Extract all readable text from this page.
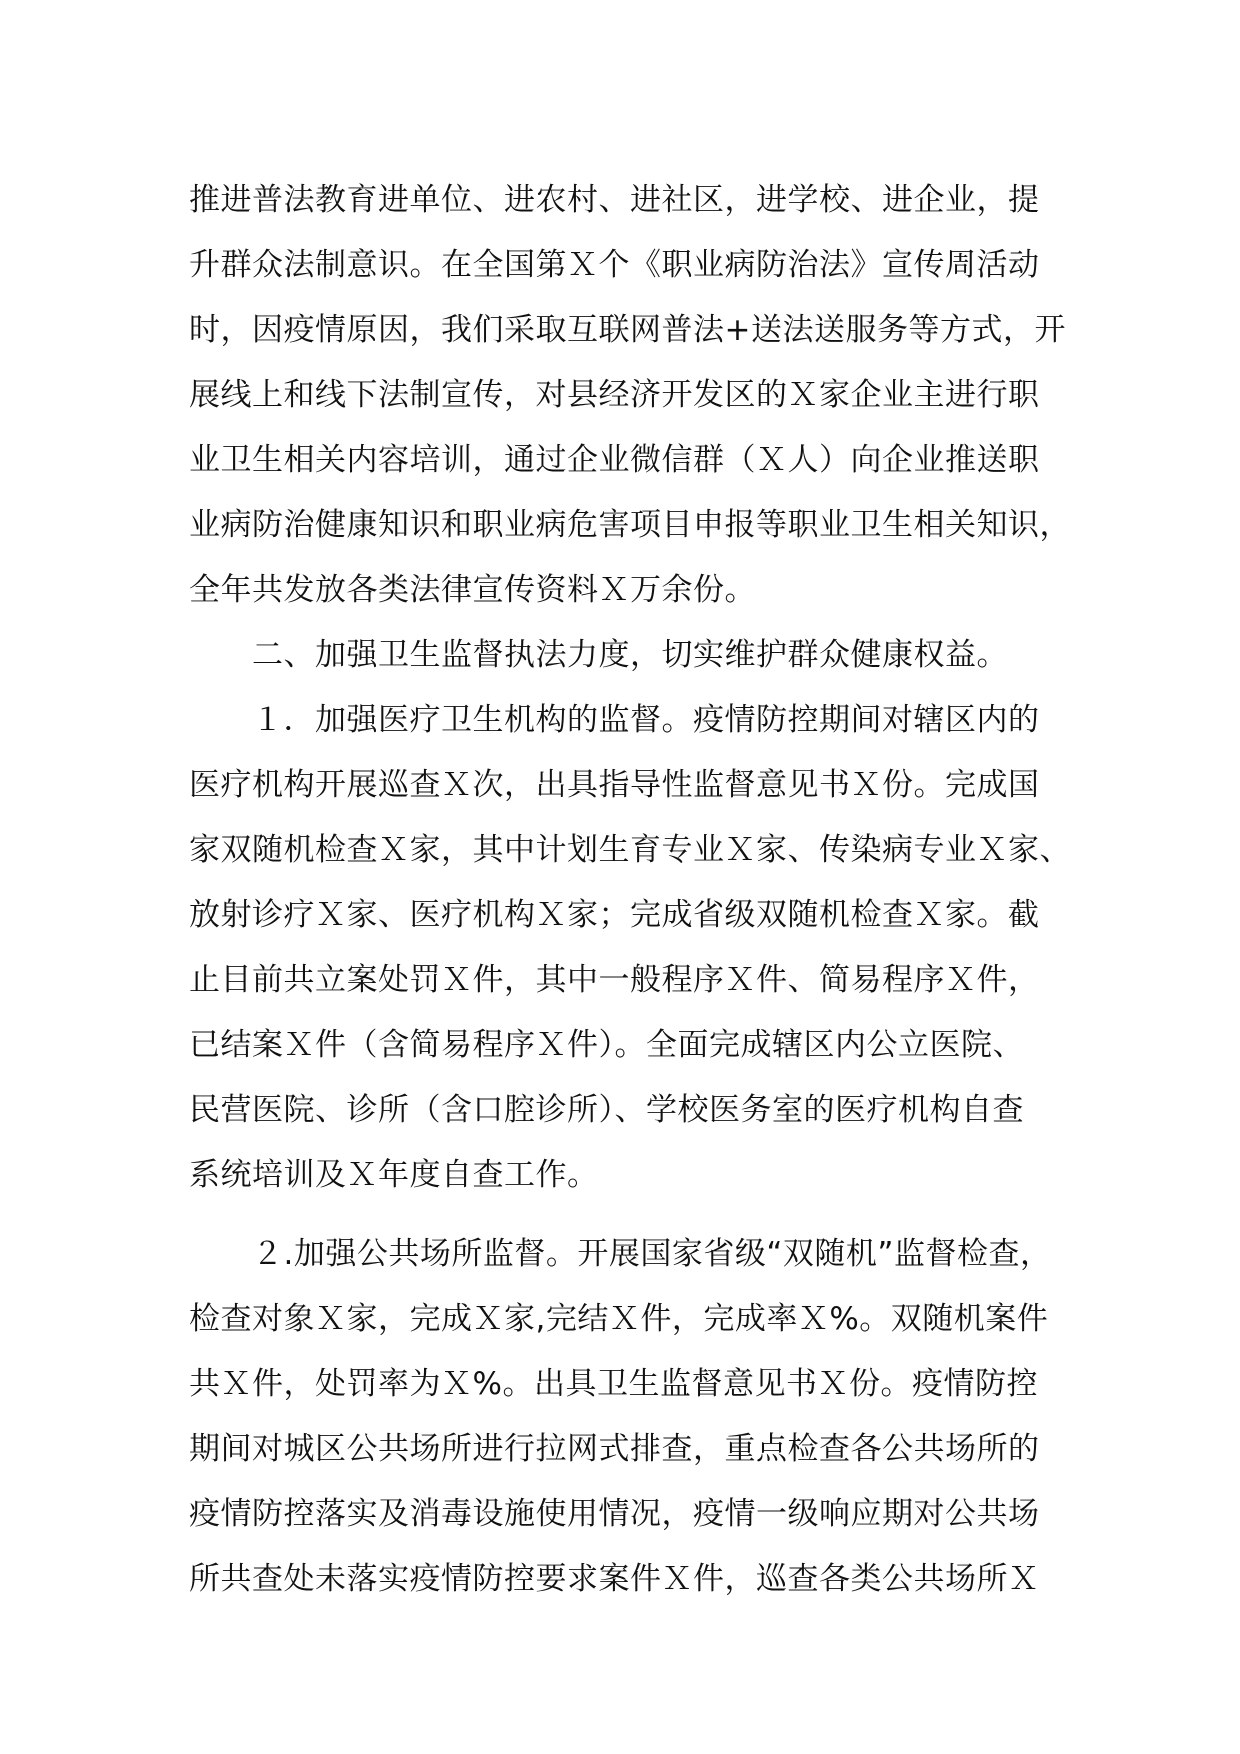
推进普法教育进单位、进农村、进社区，进学校、进企业，提
升群众法制意识。在全国第Ｘ个《职业病防治法》宣传周活动
时，因疫情原因，我们采取互联网普法+送法送服务等方式，开
展线上和线下法制宣传，对县经济开发区的Ｘ家企业主进行职
业卫生相关内容培训，通过企业微信群（Ｘ人）向企业推送职
业病防治健康知识和职业病危害项目申报等职业卫生相关知识，
全年共发放各类法律宣传资料Ｘ万余份。
　　二、加强卫生监督执法力度，切实维护群众健康权益。
　　１．加强医疗卫生机构的监督。疫情防控期间对辖区内的
医疗机构开展巡查Ｘ次，出具指导性监督意见书Ｘ份。完成国
家双随机检查Ｘ家，其中计划生育专业Ｘ家、传染病专业Ｘ家、
放射诊疗Ｘ家、医疗机构Ｘ家；完成省级双随机检查Ｘ家。截
止目前共立案处罚Ｘ件，其中一般程序Ｘ件、简易程序Ｘ件，
已结案Ｘ件（含简易程序Ｘ件）。全面完成辖区内公立医院、
民营医院、诊所（含口腔诊所）、学校医务室的医疗机构自查
系统培训及Ｘ年度自查工作。
　　２.加强公共场所监督。开展国家省级“双随机”监督检查，
检查对象Ｘ家，完成Ｘ家,完结Ｘ件，完成率Ｘ%。双随机案件
共Ｘ件，处罚率为Ｘ%。出具卫生监督意见书Ｘ份。疫情防控
期间对城区公共场所进行拉网式排查，重点检查各公共场所的
疫情防控落实及消毒设施使用情况，疫情一级响应期对公共场
所共查处未落实疫情防控要求案件Ｘ件，巡查各类公共场所Ｘ
